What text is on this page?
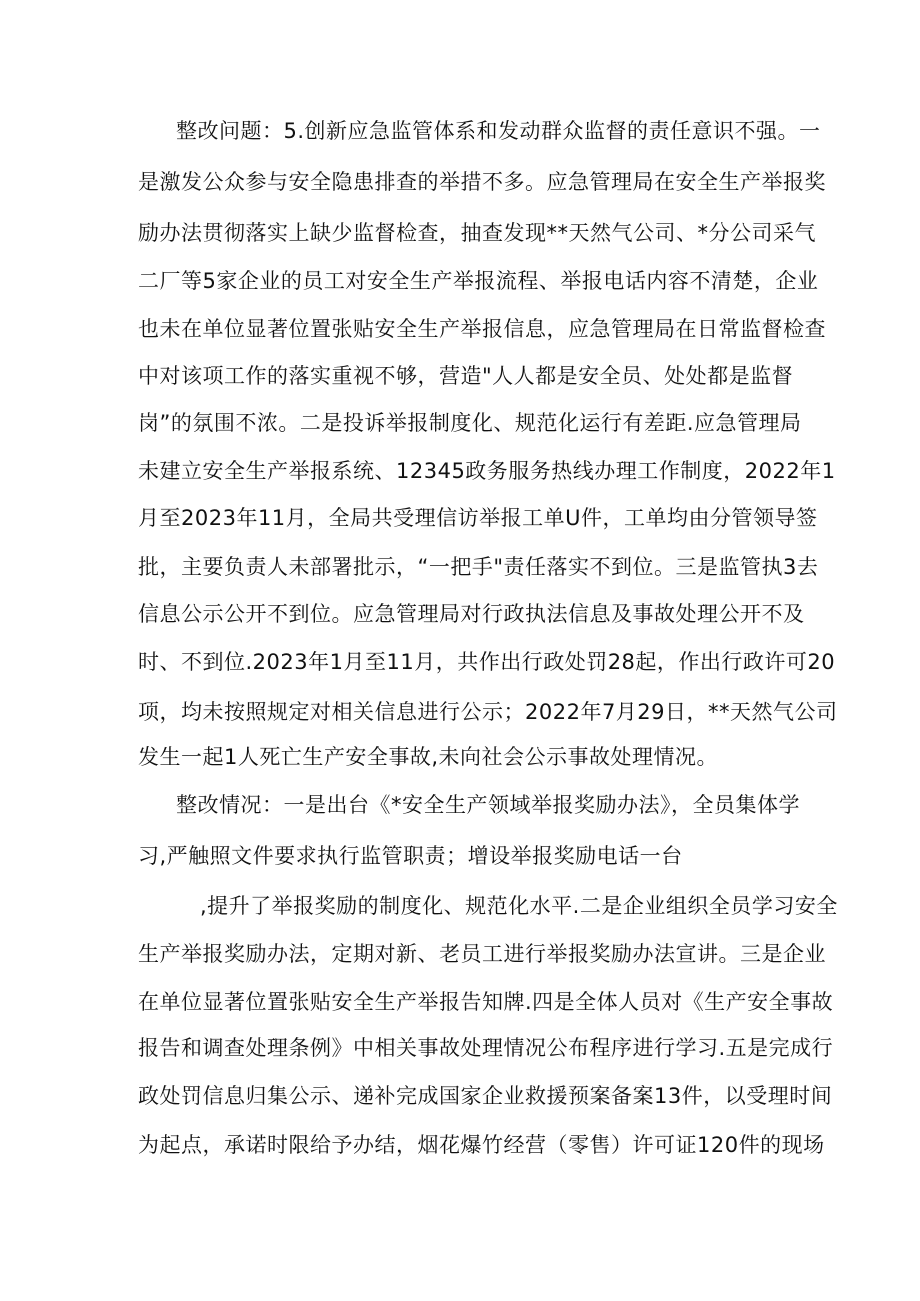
整改问题：5.创新应急监管体系和发动群众监督的责任意识不强。一
是激发公众参与安全隐患排查的举措不多。应急管理局在安全生产举报奖
励办法贯彻落实上缺少监督检查，抽查发现**天然气公司、*分公司采气
二厂等5家企业的员工对安全生产举报流程、举报电话内容不清楚，企业
也未在单位显著位置张贴安全生产举报信息，应急管理局在日常监督检查
中对该项工作的落实重视不够，营造"人人都是安全员、处处都是监督
岗”的氛围不浓。二是投诉举报制度化、规范化运行有差距.应急管理局
未建立安全生产举报系统、12345政务服务热线办理工作制度，2022年1
月至2023年11月，全局共受理信访举报工单U件，工单均由分管领导签
批，主要负责人未部署批示，“一把手"责任落实不到位。三是监管执3去
信息公示公开不到位。应急管理局对行政执法信息及事故处理公开不及
时、不到位.2023年1月至11月，共作出行政处罚28起，作出行政许可20
项，均未按照规定对相关信息进行公示；2022年7月29日，**天然气公司
发生一起1人死亡生产安全事故,未向社会公示事故处理情况。
整改情况：一是出台《*安全生产领域举报奖励办法》，全员集体学
习,严触照文件要求执行监管职责；增设举报奖励电话一台
,提升了举报奖励的制度化、规范化水平.二是企业组织全员学习安全
生产举报奖励办法，定期对新、老员工进行举报奖励办法宣讲。三是企业
在单位显著位置张贴安全生产举报告知牌.四是全体人员对《生产安全事故
报告和调查处理条例》中相关事故处理情况公布程序进行学习.五是完成行
政处罚信息归集公示、递补完成国家企业救援预案备案13件，以受理时间
为起点，承诺时限给予办结，烟花爆竹经营（零售）许可证120件的现场
